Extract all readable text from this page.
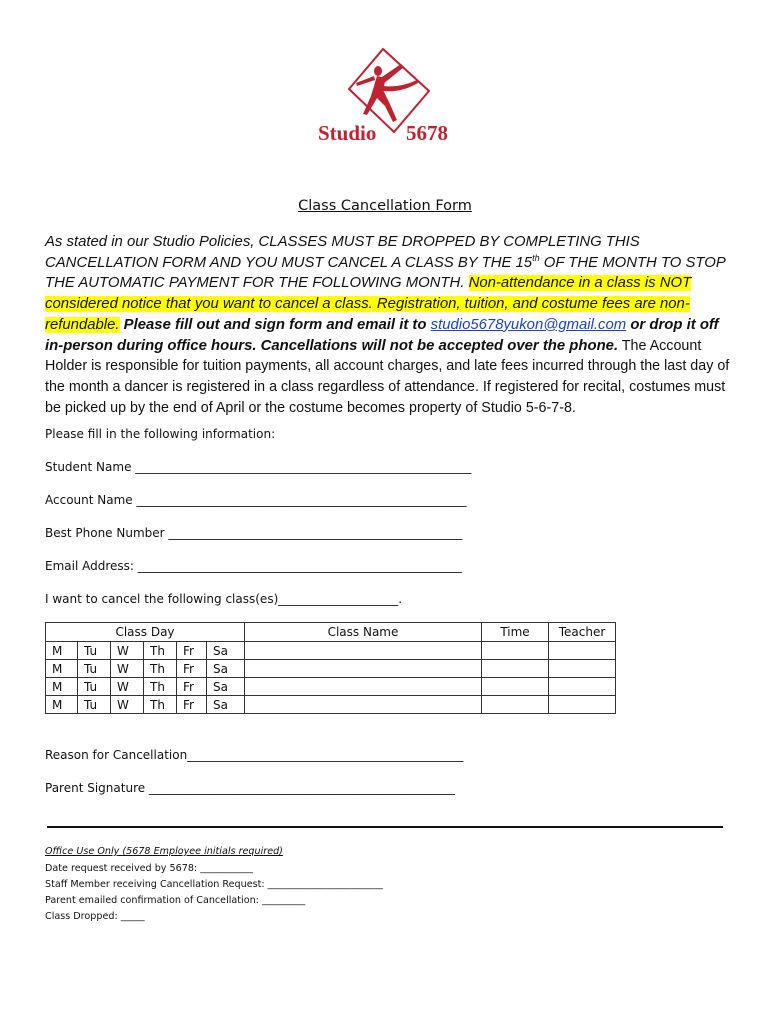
Studio 5678
Class Cancellation Form
As stated in our Studio Policies, CLASSES MUST BE DROPPED BY COMPLETING THIS CANCELLATION FORM AND YOU MUST CANCEL A CLASS BY THE 15th OF THE MONTH TO STOP THE AUTOMATIC PAYMENT FOR THE FOLLOWING MONTH. Non-attendance in a class is NOT considered notice that you want to cancel a class. Registration, tuition, and costume fees are non-refundable. Please fill out and sign form and email it to studio5678yukon@gmail.com or drop it off in-person during office hours. Cancellations will not be accepted over the phone. The Account Holder is responsible for tuition payments, all account charges, and late fees incurred through the last day of the month a dancer is registered in a class regardless of attendance. If registered for recital, costumes must be picked up by the end of April or the costume becomes property of Studio 5-6-7-8.
Please fill in the following information:
Student Name ________________________________________________________
Account Name _______________________________________________________
Best Phone Number _________________________________________________
Email Address: ______________________________________________________
I want to cancel the following class(es)____________________.
Class Day						Class Name	Time	Teacher
M	Tu	W	Th	Fr	Sa			
M	Tu	W	Th	Fr	Sa			
M	Tu	W	Th	Fr	Sa			
M	Tu	W	Th	Fr	Sa			
Reason for Cancellation______________________________________________
Parent Signature ___________________________________________________
Office Use Only (5678 Employee initials required)
Date request received by 5678: ___________
Staff Member receiving Cancellation Request: ________________________
Parent emailed confirmation of Cancellation: _________
Class Dropped: _____
